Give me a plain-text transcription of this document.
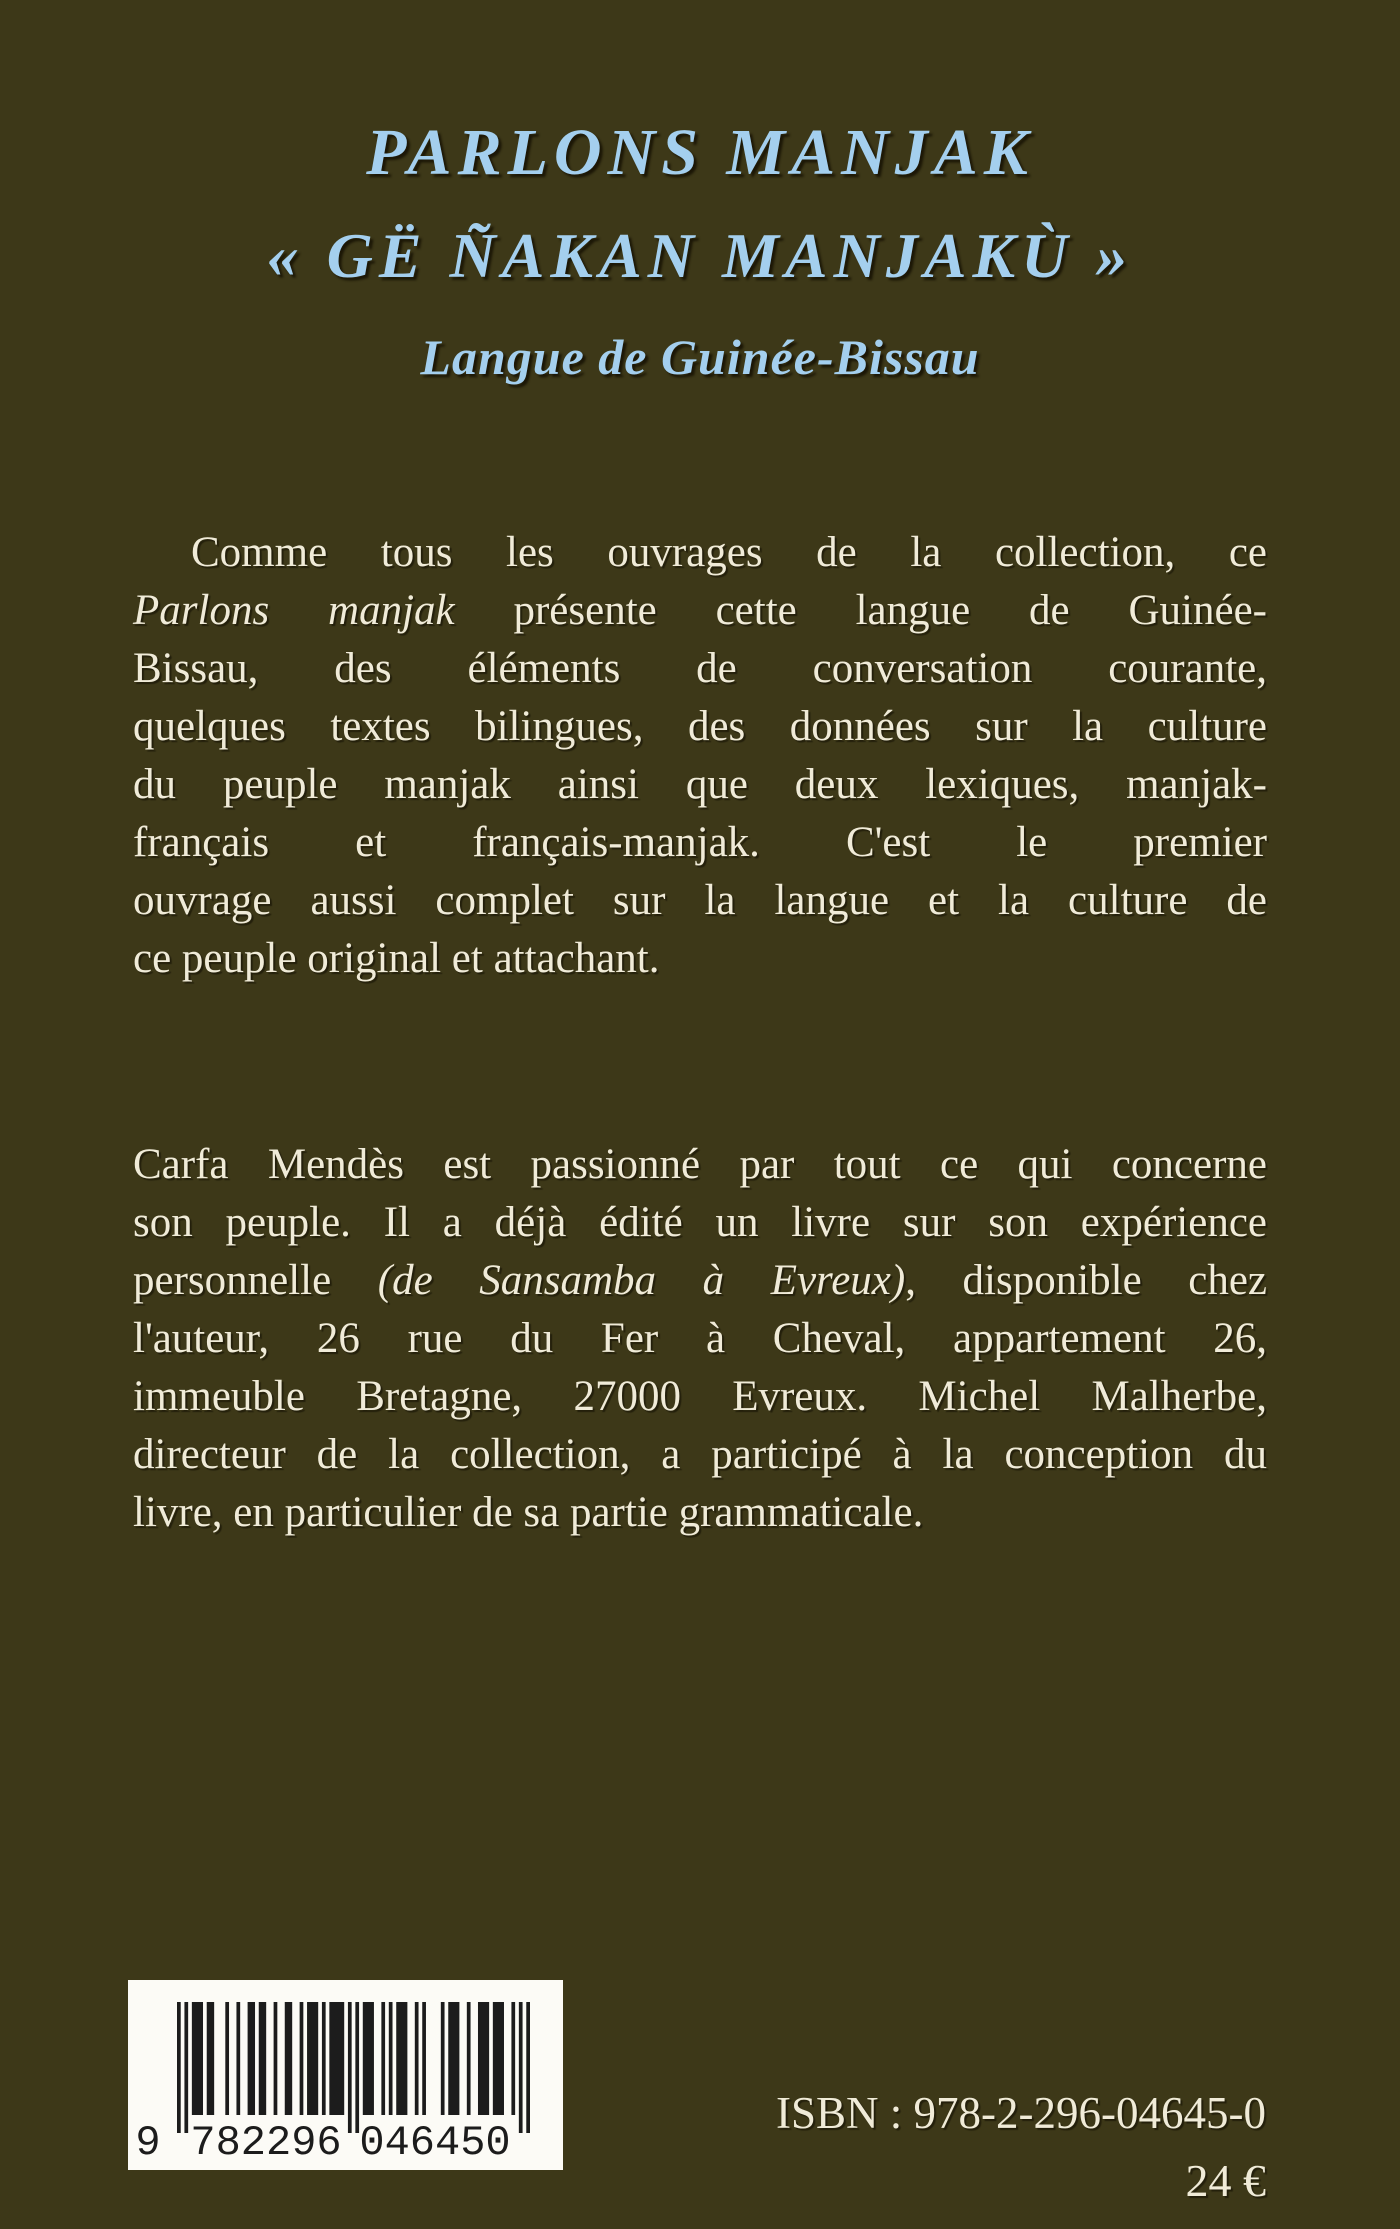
PARLONS MANJAK
« GË ÑAKAN MANJAKÙ »
Langue de Guinée-Bissau
Comme tous les ouvrages de la collection, ce
Parlons manjak présente cette langue de Guinée-
Bissau, des éléments de conversation courante,
quelques textes bilingues, des données sur la culture
du peuple manjak ainsi que deux lexiques, manjak-
français et français-manjak. C'est le premier
ouvrage aussi complet sur la langue et la culture de
ce peuple original et attachant.
Carfa Mendès est passionné par tout ce qui concerne
son peuple. Il a déjà édité un livre sur son expérience
personnelle (de Sansamba à Evreux), disponible chez
l'auteur, 26 rue du Fer à Cheval, appartement 26,
immeuble Bretagne, 27000 Evreux. Michel Malherbe,
directeur de la collection, a participé à la conception du
livre, en particulier de sa partie grammaticale.
9 782296 046450
ISBN : 978-2-296-04645-0
24 €
